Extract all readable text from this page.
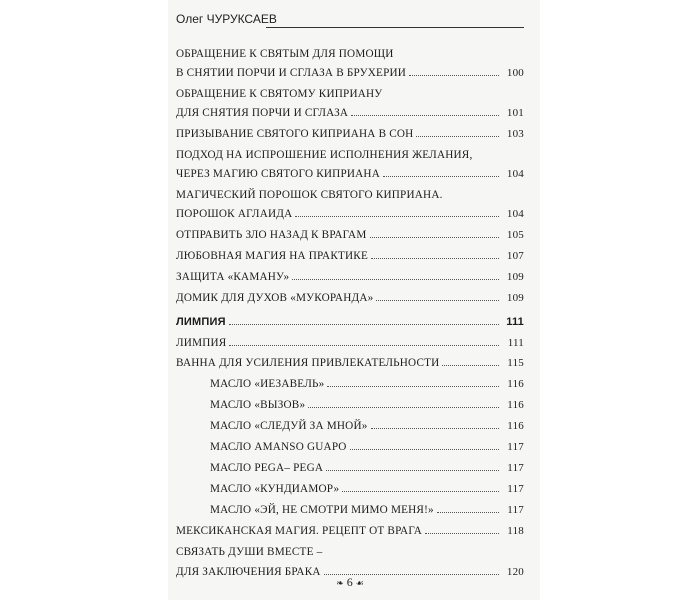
Олег ЧУРУКСАЕВ
ОБРАЩЕНИЕ К СВЯТЫМ ДЛЯ ПОМОЩИ
В СНЯТИИ ПОРЧИ И СГЛАЗА В БРУХЕРИИ	100
ОБРАЩЕНИЕ К СВЯТОМУ КИПРИАНУ
ДЛЯ СНЯТИЯ ПОРЧИ И СГЛАЗА	101
ПРИЗЫВАНИЕ СВЯТОГО КИПРИАНА В СОН	103
ПОДХОД НА ИСПРОШЕНИЕ ИСПОЛНЕНИЯ ЖЕЛАНИЯ,
ЧЕРЕЗ МАГИЮ СВЯТОГО КИПРИАНА	104
МАГИЧЕСКИЙ ПОРОШОК СВЯТОГО КИПРИАНА.
ПОРОШОК АГЛАИДА	104
ОТПРАВИТЬ ЗЛО НАЗАД К ВРАГАМ	105
ЛЮБОВНАЯ МАГИЯ НА ПРАКТИКЕ	107
ЗАЩИТА «КАМАНУ»	109
ДОМИК ДЛЯ ДУХОВ «МУКОРАНДА»	109
ЛИМПИЯ	111
ЛИМПИЯ	111
ВАННА ДЛЯ УСИЛЕНИЯ ПРИВЛЕКАТЕЛЬНОСТИ	115
МАСЛО «ИЕЗАВЕЛЬ»	116
МАСЛО «ВЫЗОВ»	116
МАСЛО «СЛЕДУЙ ЗА МНОЙ»	116
МАСЛО AMANSO GUAPO	117
МАСЛО PEGA– PEGA	117
МАСЛО «КУНДИАМОР»	117
МАСЛО «ЭЙ, НЕ СМОТРИ МИМО МЕНЯ!»	117
МЕКСИКАНСКАЯ МАГИЯ. РЕЦЕПТ ОТ ВРАГА	118
СВЯЗАТЬ ДУШИ ВМЕСТЕ –
ДЛЯ ЗАКЛЮЧЕНИЯ БРАКА	120
❧ 6 ☙
